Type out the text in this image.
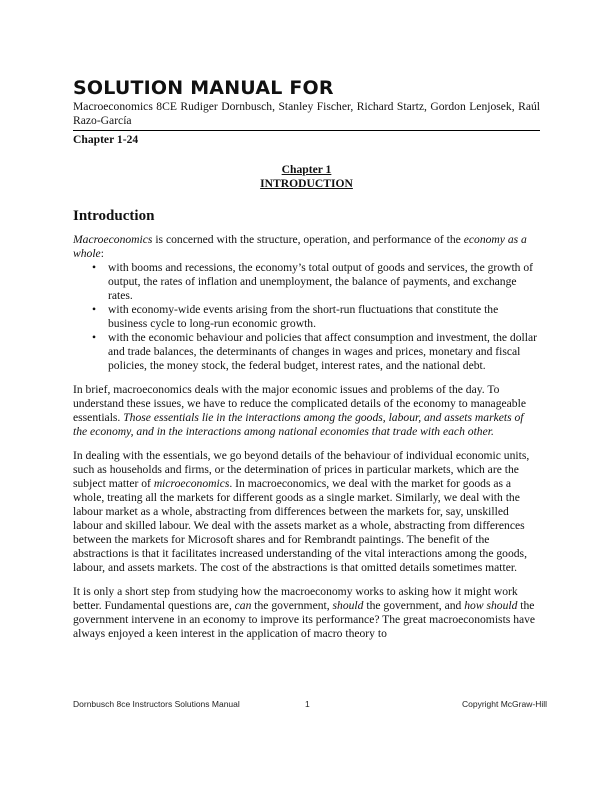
SOLUTION MANUAL FOR
Macroeconomics 8CE Rudiger Dornbusch, Stanley Fischer, Richard Startz, Gordon Lenjosek, Raúl Razo-García
Chapter 1-24
Chapter 1
INTRODUCTION
Introduction
Macroeconomics is concerned with the structure, operation, and performance of the economy as a whole:
• with booms and recessions, the economy’s total output of goods and services, the growth of output, the rates of inflation and unemployment, the balance of payments, and exchange rates.
• with economy-wide events arising from the short-run fluctuations that constitute the business cycle to long-run economic growth.
• with the economic behaviour and policies that affect consumption and investment, the dollar and trade balances, the determinants of changes in wages and prices, monetary and fiscal policies, the money stock, the federal budget, interest rates, and the national debt.
In brief, macroeconomics deals with the major economic issues and problems of the day. To understand these issues, we have to reduce the complicated details of the economy to manageable essentials. Those essentials lie in the interactions among the goods, labour, and assets markets of the economy, and in the interactions among national economies that trade with each other.
In dealing with the essentials, we go beyond details of the behaviour of individual economic units, such as households and firms, or the determination of prices in particular markets, which are the subject matter of microeconomics. In macroeconomics, we deal with the market for goods as a whole, treating all the markets for different goods as a single market. Similarly, we deal with the labour market as a whole, abstracting from differences between the markets for, say, unskilled labour and skilled labour. We deal with the assets market as a whole, abstracting from differences between the markets for Microsoft shares and for Rembrandt paintings. The benefit of the abstractions is that it facilitates increased understanding of the vital interactions among the goods, labour, and assets markets. The cost of the abstractions is that omitted details sometimes matter.
It is only a short step from studying how the macroeconomy works to asking how it might work better. Fundamental questions are, can the government, should the government, and how should the government intervene in an economy to improve its performance? The great macroeconomists have always enjoyed a keen interest in the application of macro theory to
Dornbusch 8ce Instructors Solutions Manual	1	Copyright McGraw-Hill
